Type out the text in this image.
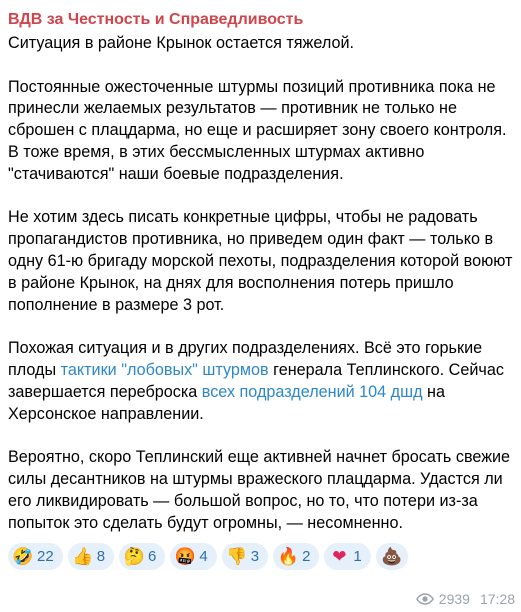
ВДВ за Честность и Справедливость

Ситуация в районе Крынок остается тяжелой.

Постоянные ожесточенные штурмы позиций противника пока не принесли желаемых результатов — противник не только не сброшен с плацдарма, но еще и расширяет зону своего контроля. В тоже время, в этих бессмысленных штурмах активно "стачиваются" наши боевые подразделения.

Не хотим здесь писать конкретные цифры, чтобы не радовать пропагандистов противника, но приведем один факт — только в одну 61-ю бригаду морской пехоты, подразделения которой воюют в районе Крынок, на днях для восполнения потерь пришло пополнение в размере 3 рот.

Похожая ситуация и в других подразделениях. Всё это горькие плоды тактики "лобовых" штурмов генерала Теплинского. Сейчас завершается переброска всех подразделений 104 дшд на Херсонское направлении.

Вероятно, скоро Теплинский еще активней начнет бросать свежие силы десантников на штурмы вражеского плацдарма. Удастся ли его ликвидировать — большой вопрос, но то, что потери из-за попыток это сделать будут огромны, — несомненно.

🤣 22 👍 8 🤔 6 🤬 4 👎 3 🔥 2 ❤ 1 💩
2939 17:28
